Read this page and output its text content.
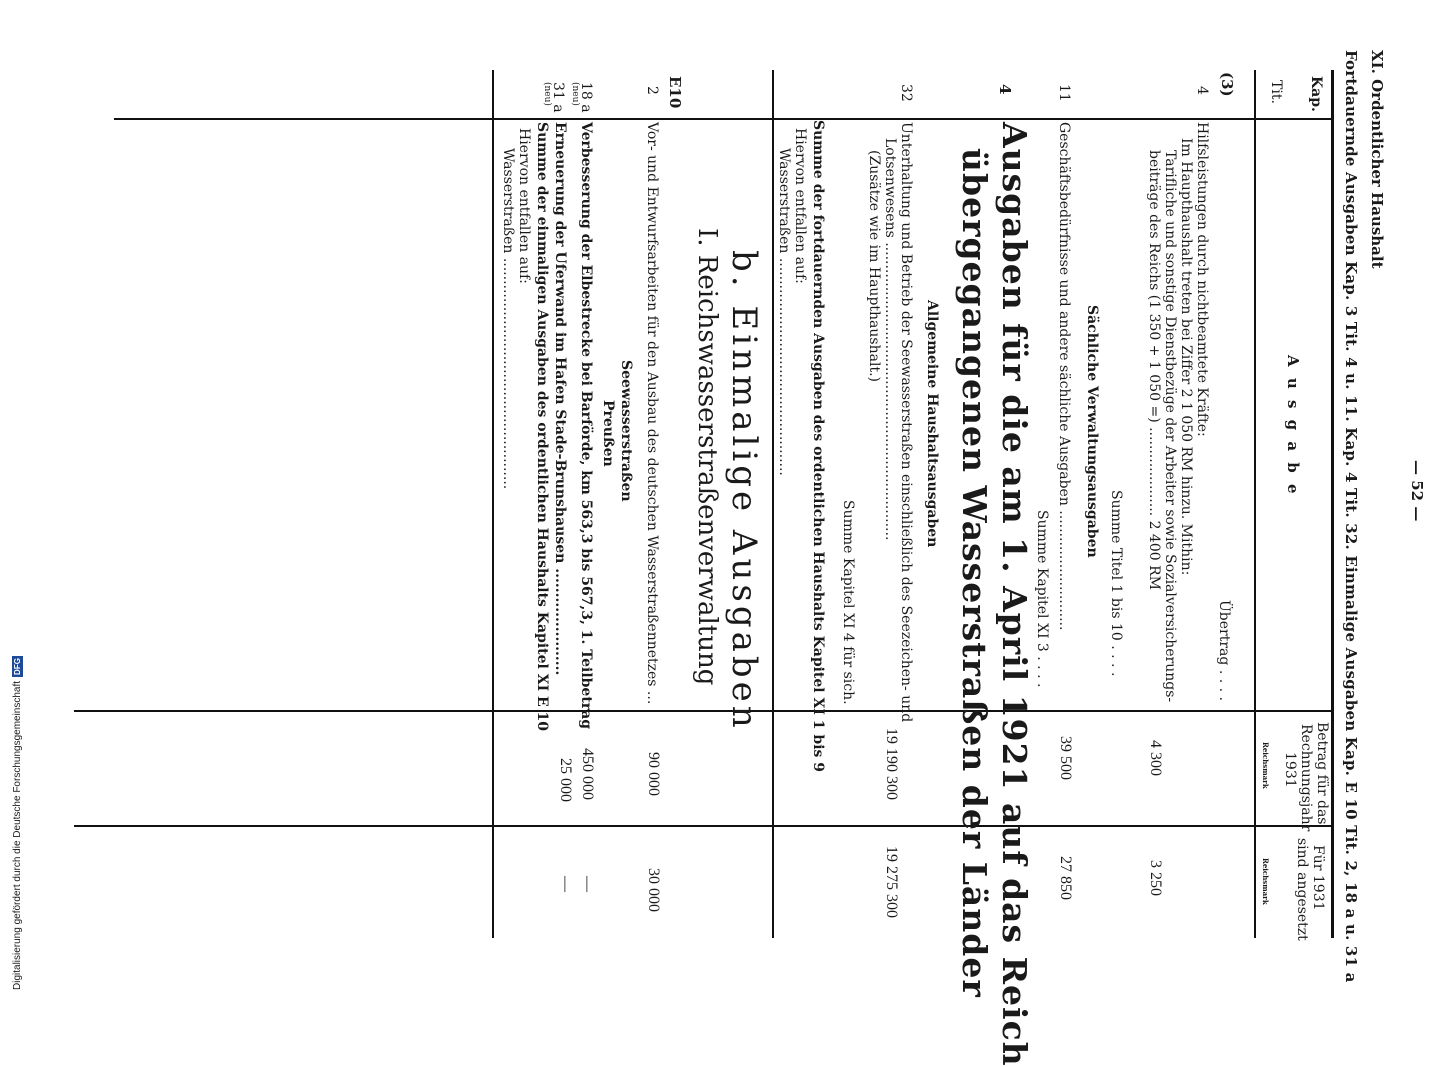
— 52 —
XI. Ordentlicher Haushalt
Fortdauernde Ausgaben Kap. 3 Tit. 4 u. 11. Kap. 4 Tit. 32. Einmalige Ausgaben Kap. E 10 Tit. 2, 18 a u. 31 a
Kap.
Tit.
A u s g a b e
Betrag für das
Rechnungsjahr
1931
Reichsmark
Für 1931
sind angesetzt
Reichsmark
(3)
4
Übertrag . . . .
Hilfsleistungen durch nichtbeamtete Kräfte:
Im Haupthaushalt treten bei Ziffer 2 1 050 RM hinzu. Mithin:
Tarifliche und sonstige Dienstbezüge der Arbeiter sowie Sozialversicherungs-
beiträge des Reichs (1 350 + 1 050 =) .................... 2 400 RM
4 300
3 250
Summe Titel 1 bis 10 . . . .
Sächliche Verwaltungsausgaben
11
Geschäftsbedürfnisse und andere sächliche Ausgaben ...........................
39 500
27 850
Summe Kapitel XI 3 . . . .
4
Ausgaben für die am 1. April 1921 auf das Reich
übergegangenen Wasserstraßen der Länder
Allgemeine Haushaltsausgaben
32
Unterhaltung und Betrieb der Seewasserstraßen einschließlich des Seezeichen- und
Lotsenwesens ...................................................................
(Zusätze wie im Haupthaushalt.)
19 190 300
19 275 300
Summe Kapitel XI 4 für sich.
Summe der fortdauernden Ausgaben des ordentlichen Haushalts Kapitel XI 1 bis 9
Hiervon entfallen auf:
Wasserstraßen .................................................
b. Einmalige Ausgaben
I. Reichswasserstraßenverwaltung
E10
2
Vor- und Entwurfsarbeiten für den Ausbau des deutschen Wasserstraßennetzes ...
90 000
30 000
Seewasserstraßen
Preußen
18 a
(neu)
Verbesserung der Elbestrecke bei Barförde, km 563,3 bis 567,3, 1. Teilbetrag
450 000
—
31 a
(neu)
Erneuerung der Uferwand im Hafen Stade-Brunshausen ......................
25 000
—
Summe der einmaligen Ausgaben des ordentlichen Haushalts Kapitel XI E 10
Hiervon entfallen auf:
Wasserstraßen ....................................................
Digitalisierung gefördert durch die Deutsche ForschungsgemeinschaftDFG
